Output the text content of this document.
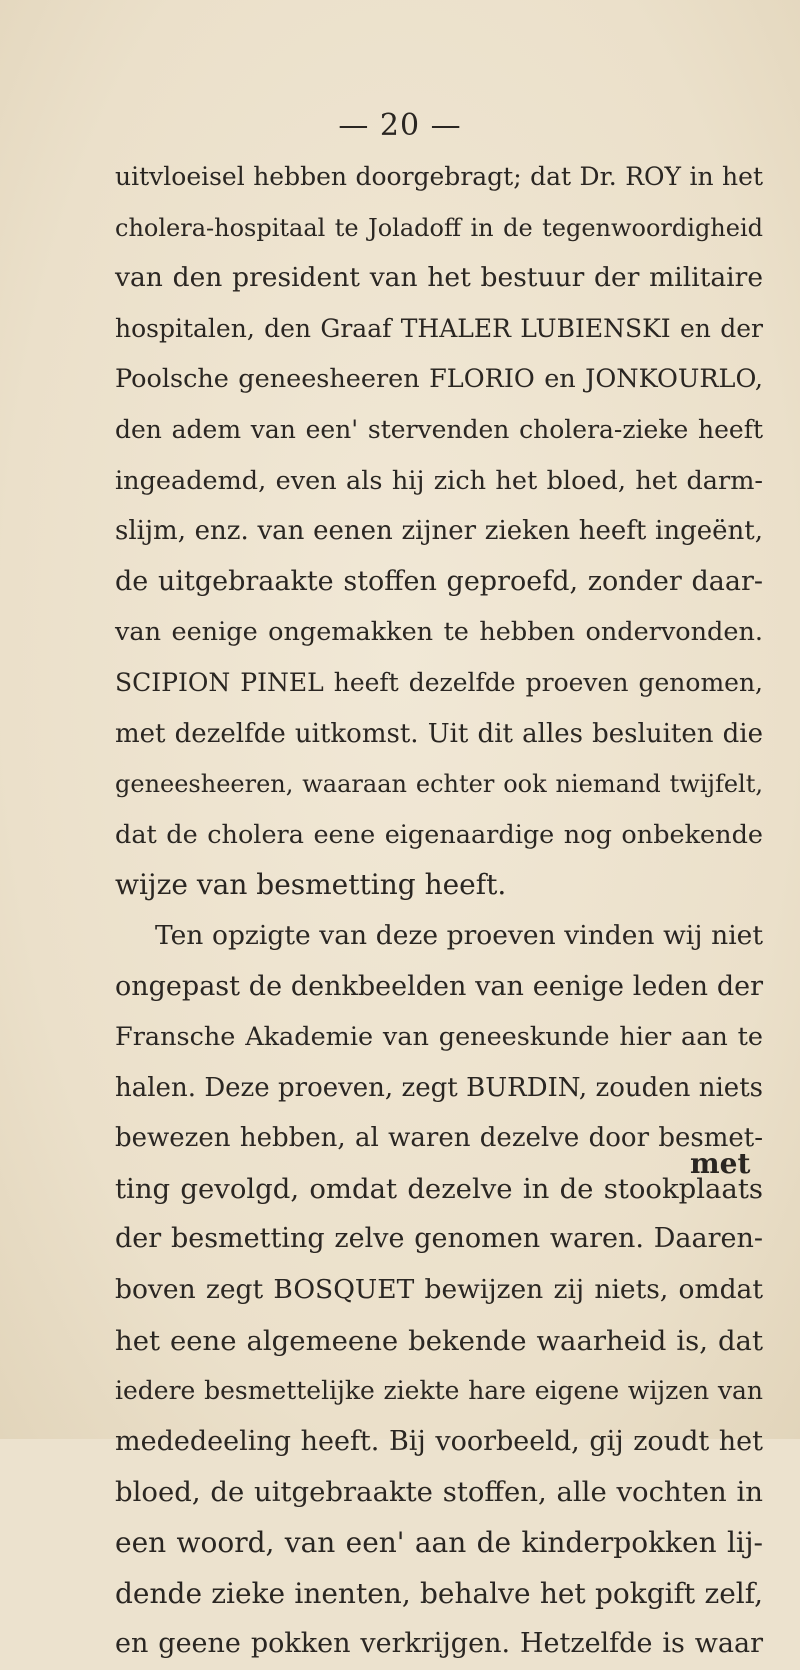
— 20 —
uitvloeisel hebben doorgebragt; dat Dr. ROY in het
cholera-hospitaal te Joladoff in de tegenwoordigheid
van den president van het bestuur der militaire
hospitalen, den Graaf THALER LUBIENSKI en der
Poolsche geneesheeren FLORIO en JONKOURLO,
den adem van een' stervenden cholera-zieke heeft
ingeademd, even als hij zich het bloed, het darm-
slijm, enz. van eenen zijner zieken heeft ingeënt,
de uitgebraakte stoffen geproefd, zonder daar-
van eenige ongemakken te hebben ondervonden.
SCIPION PINEL heeft dezelfde proeven genomen,
met dezelfde uitkomst. Uit dit alles besluiten die
geneesheeren, waaraan echter ook niemand twijfelt,
dat de cholera eene eigenaardige nog onbekende
wijze van besmetting heeft.
Ten opzigte van deze proeven vinden wij niet
ongepast de denkbeelden van eenige leden der
Fransche Akademie van geneeskunde hier aan te
halen. Deze proeven, zegt BURDIN, zouden niets
bewezen hebben, al waren dezelve door besmet-
ting gevolgd, omdat dezelve in de stookplaats
der besmetting zelve genomen waren. Daaren-
boven zegt BOSQUET bewijzen zij niets, omdat
het eene algemeene bekende waarheid is, dat
iedere besmettelijke ziekte hare eigene wijzen van
mededeeling heeft. Bij voorbeeld, gij zoudt het
bloed, de uitgebraakte stoffen, alle vochten in
een woord, van een' aan de kinderpokken lij-
dende zieke inenten, behalve het pokgift zelf,
en geene pokken verkrijgen. Hetzelfde is waar
met
